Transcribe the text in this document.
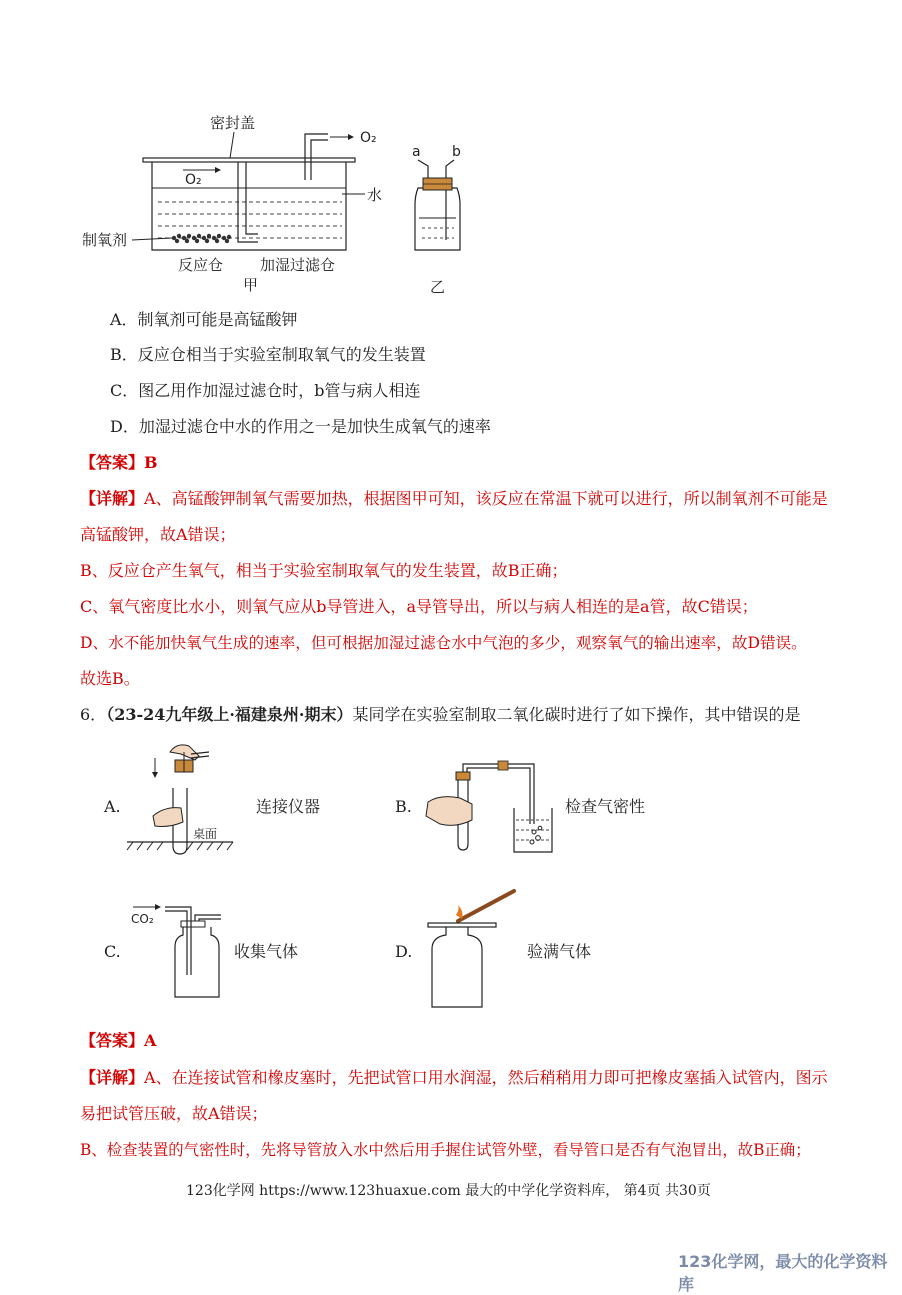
密封盖
O₂
O₂
水
制氧剂
反应仓 加湿过滤仓
甲
a b
乙
A．制氧剂可能是高锰酸钾
B．反应仓相当于实验室制取氧气的发生装置
C．图乙用作加湿过滤仓时，b管与病人相连
D．加湿过滤仓中水的作用之一是加快生成氧气的速率
【答案】B
【详解】A、高锰酸钾制氧气需要加热，根据图甲可知，该反应在常温下就可以进行，所以制氧剂不可能是
高锰酸钾，故A错误；
B、反应仓产生氧气，相当于实验室制取氧气的发生装置，故B正确；
C、氧气密度比水小，则氧气应从b导管进入，a导管导出，所以与病人相连的是a管，故C错误；
D、水不能加快氧气生成的速率，但可根据加湿过滤仓水中气泡的多少，观察氧气的输出速率，故D错误。
故选B。
6．（23-24九年级上·福建泉州·期末）某同学在实验室制取二氧化碳时进行了如下操作，其中错误的是
A.
桌面
连接仪器	B.	检查气密性
C.
CO₂
收集气体	D.	验满气体
【答案】A
【详解】A、在连接试管和橡皮塞时，先把试管口用水润湿，然后稍稍用力即可把橡皮塞插入试管内，图示
易把试管压破，故A错误；
B、检查装置的气密性时，先将导管放入水中然后用手握住试管外壁，看导管口是否有气泡冒出，故B正确；
123化学网 https://www.123huaxue.com 最大的中学化学资料库， 第4页 共30页
123化学网，最大的化学资料库
